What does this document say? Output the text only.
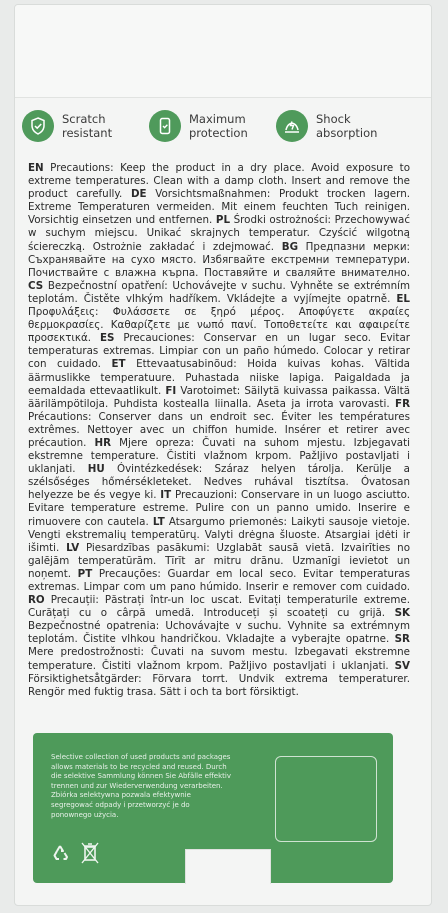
Scratch
resistant
Maximum
protection
Shock
absorption
EN Precautions: Keep the product in a dry place. Avoid exposure to extreme temperatures. Clean with a damp cloth. Insert and remove the product carefully. DE Vorsichtsmaßnahmen: Produkt trocken lagern. Extreme Temperaturen vermeiden. Mit einem feuchten Tuch reinigen. Vorsichtig einsetzen und entfernen. PL Środki ostrożności: Przechowywać w suchym miejscu. Unikać skrajnych temperatur. Czyścić wilgotną ściereczką. Ostrożnie zakładać i zdejmować. BG Предпазни мерки: Съхранявайте на сухо място. Избягвайте екстремни температури. Почиствайте с влажна кърпа. Поставяйте и сваляйте внимателно. CS Bezpečnostní opatření: Uchovávejte v suchu. Vyhněte se extrémním teplotám. Čistěte vlhkým hadříkem. Vkládejte a vyjímejte opatrně. EL Προφυλάξεις: Φυλάσσετε σε ξηρό μέρος. Αποφύγετε ακραίες θερμοκρασίες. Καθαρίζετε με νωπό πανί. Τοποθετείτε και αφαιρείτε προσεκτικά. ES Precauciones: Conservar en un lugar seco. Evitar temperaturas extremas. Limpiar con un paño húmedo. Colocar y retirar con cuidado. ET Ettevaatusabinõud: Hoida kuivas kohas. Vältida äärmuslikke temperatuure. Puhastada niiske lapiga. Paigaldada ja eemaldada ettevaatlikult. FI Varotoimet: Säilytä kuivassa paikassa. Vältä äärilämpötiloja. Puhdista kostealla liinalla. Aseta ja irrota varovasti. FR Précautions: Conserver dans un endroit sec. Éviter les températures extrêmes. Nettoyer avec un chiffon humide. Insérer et retirer avec précaution. HR Mjere opreza: Čuvati na suhom mjestu. Izbjegavati ekstremne temperature. Čistiti vlažnom krpom. Pažljivo postavljati i uklanjati. HU Óvintézkedések: Száraz helyen tárolja. Kerülje a szélsőséges hőmérsékleteket. Nedves ruhával tisztítsa. Óvatosan helyezze be és vegye ki. IT Precauzioni: Conservare in un luogo asciutto. Evitare temperature estreme. Pulire con un panno umido. Inserire e rimuovere con cautela. LT Atsargumo priemonės: Laikyti sausoje vietoje. Vengti ekstremalių temperatūrų. Valyti drėgna šluoste. Atsargiai įdėti ir išimti. LV Piesardzības pasākumi: Uzglabāt sausā vietā. Izvairīties no galējām temperatūrām. Tīrīt ar mitru drānu. Uzmanīgi ievietot un noņemt. PT Precauções: Guardar em local seco. Evitar temperaturas extremas. Limpar com um pano húmido. Inserir e remover com cuidado. RO Precauții: Păstrați într-un loc uscat. Evitați temperaturile extreme. Curățați cu o cârpă umedă. Introduceți și scoateți cu grijă. SK Bezpečnostné opatrenia: Uchovávajte v suchu. Vyhnite sa extrémnym teplotám. Čistite vlhkou handričkou. Vkladajte a vyberajte opatrne. SR Mere predostrožnosti: Čuvati na suvom mestu. Izbegavati ekstremne temperature. Čistiti vlažnom krpom. Pažljivo postavljati i uklanjati. SV Försiktighetsåtgärder: Förvara torrt. Undvik extrema temperaturer. Rengör med fuktig trasa. Sätt i och ta bort försiktigt.
Selective collection of used products and packages
allows materials to be recycled and reused. Durch
die selektive Sammlung können Sie Abfälle effektiv
trennen und zur Wiederverwendung verarbeiten.
Zbiórka selektywna pozwala efektywnie
segregować odpady i przetworzyć je do
ponownego użycia.
